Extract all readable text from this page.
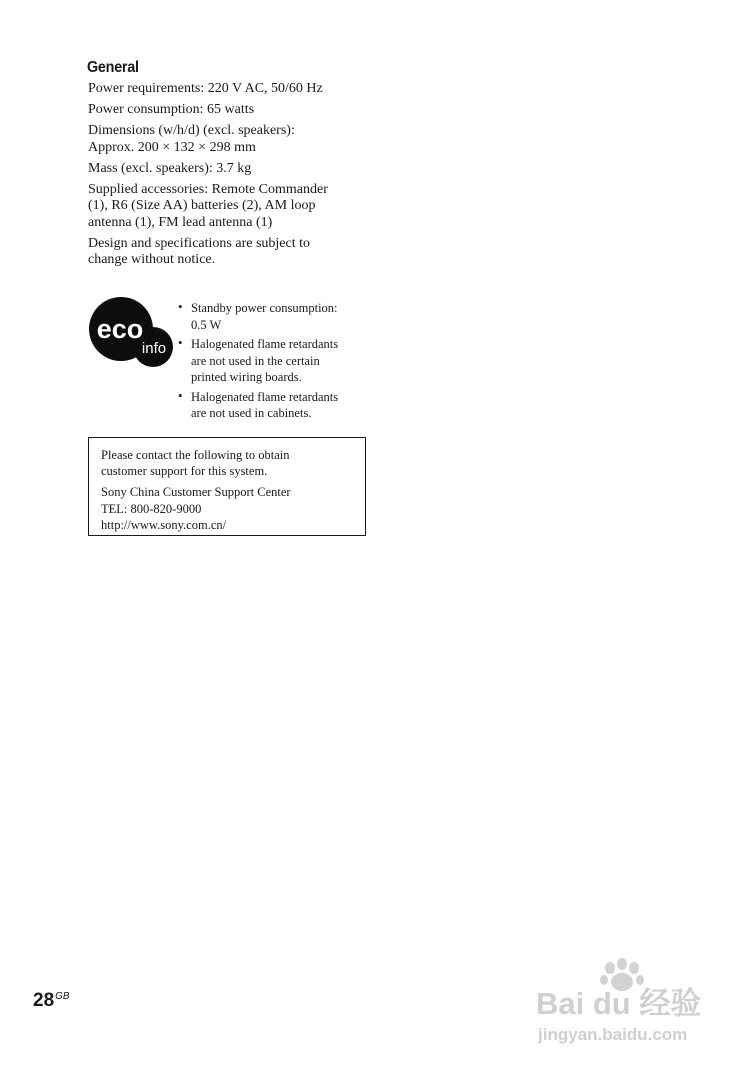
General

Power requirements: 220 V AC, 50/60 Hz

Power consumption: 65 watts

Dimensions (w/h/d) (excl. speakers):
Approx. 200 × 132 × 298 mm

Mass (excl. speakers): 3.7 kg

Supplied accessories: Remote Commander
(1), R6 (Size AA) batteries (2), AM loop
antenna (1), FM lead antenna (1)

Design and specifications are subject to
change without notice.

eco
info
• Standby power consumption:
0.5 W
• Halogenated flame retardants
are not used in the certain
printed wiring boards.
• Halogenated flame retardants
are not used in cabinets.

Please contact the following to obtain
customer support for this system.

Sony China Customer Support Center

TEL: 800-820-9000

http://www.sony.com.cn/

$28^{GB}$	Bai du 经验
jingyan.baidu.com
